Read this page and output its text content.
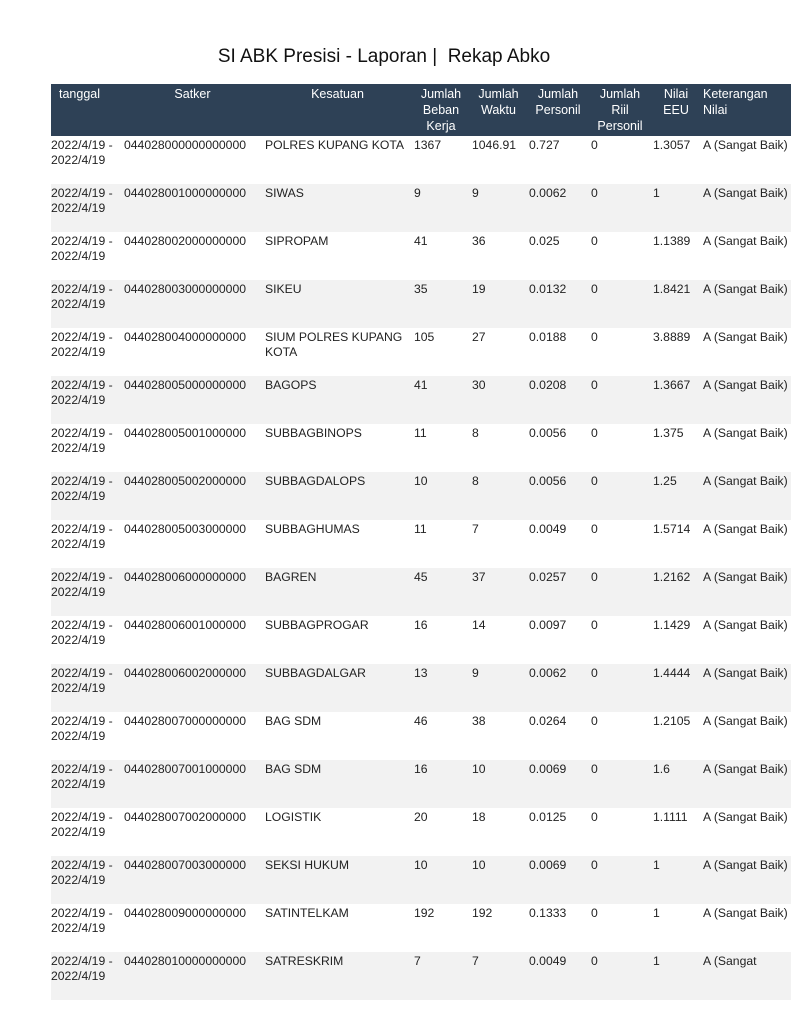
SI ABK Presisi - Laporan |  Rekap Abko
tanggal	Satker	Kesatuan	Jumlah Beban Kerja	Jumlah Waktu	Jumlah Personil	Jumlah Riil Personil	Nilai EEU	Keterangan Nilai
2022/4/19 - 2022/4/19	044028000000000000	POLRES KUPANG KOTA	1367	1046.91	0.727	0	1.3057	A (Sangat Baik)
2022/4/19 - 2022/4/19	044028001000000000	SIWAS	9	9	0.0062	0	1	A (Sangat Baik)
2022/4/19 - 2022/4/19	044028002000000000	SIPROPAM	41	36	0.025	0	1.1389	A (Sangat Baik)
2022/4/19 - 2022/4/19	044028003000000000	SIKEU	35	19	0.0132	0	1.8421	A (Sangat Baik)
2022/4/19 - 2022/4/19	044028004000000000	SIUM POLRES KUPANG KOTA	105	27	0.0188	0	3.8889	A (Sangat Baik)
2022/4/19 - 2022/4/19	044028005000000000	BAGOPS	41	30	0.0208	0	1.3667	A (Sangat Baik)
2022/4/19 - 2022/4/19	044028005001000000	SUBBAGBINOPS	11	8	0.0056	0	1.375	A (Sangat Baik)
2022/4/19 - 2022/4/19	044028005002000000	SUBBAGDALOPS	10	8	0.0056	0	1.25	A (Sangat Baik)
2022/4/19 - 2022/4/19	044028005003000000	SUBBAGHUMAS	11	7	0.0049	0	1.5714	A (Sangat Baik)
2022/4/19 - 2022/4/19	044028006000000000	BAGREN	45	37	0.0257	0	1.2162	A (Sangat Baik)
2022/4/19 - 2022/4/19	044028006001000000	SUBBAGPROGAR	16	14	0.0097	0	1.1429	A (Sangat Baik)
2022/4/19 - 2022/4/19	044028006002000000	SUBBAGDALGAR	13	9	0.0062	0	1.4444	A (Sangat Baik)
2022/4/19 - 2022/4/19	044028007000000000	BAG SDM	46	38	0.0264	0	1.2105	A (Sangat Baik)
2022/4/19 - 2022/4/19	044028007001000000	BAG SDM	16	10	0.0069	0	1.6	A (Sangat Baik)
2022/4/19 - 2022/4/19	044028007002000000	LOGISTIK	20	18	0.0125	0	1.1111	A (Sangat Baik)
2022/4/19 - 2022/4/19	044028007003000000	SEKSI HUKUM	10	10	0.0069	0	1	A (Sangat Baik)
2022/4/19 - 2022/4/19	044028009000000000	SATINTELKAM	192	192	0.1333	0	1	A (Sangat Baik)
2022/4/19 - 2022/4/19	044028010000000000	SATRESKRIM	7	7	0.0049	0	1	A (Sangat
